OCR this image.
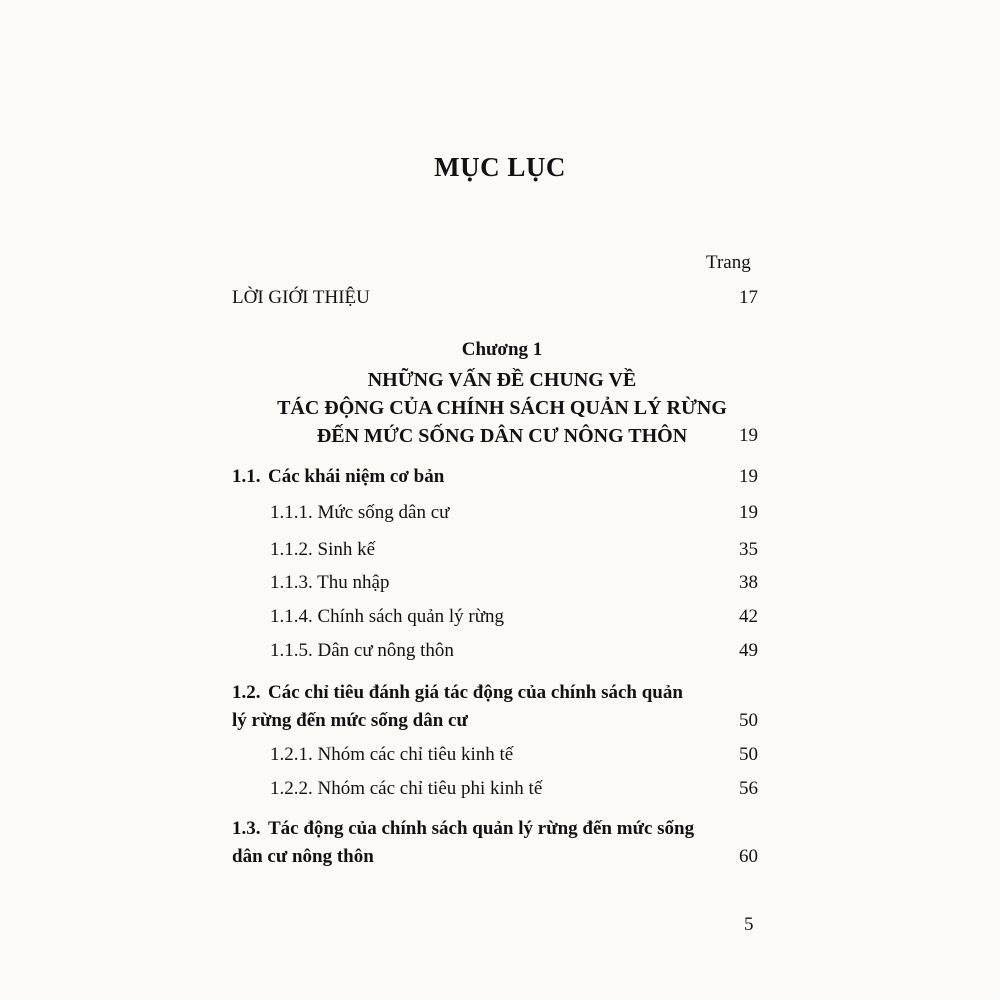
MỤC LỤC
Trang
LỜI GIỚI THIỆU	17
Chương 1
NHỮNG VẤN ĐỀ CHUNG VỀ
TÁC ĐỘNG CỦA CHÍNH SÁCH QUẢN LÝ RỪNG
ĐẾN MỨC SỐNG DÂN CƯ NÔNG THÔN	19
1.1. Các khái niệm cơ bản	19
1.1.1. Mức sống dân cư	19
1.1.2. Sinh kế	35
1.1.3. Thu nhập	38
1.1.4. Chính sách quản lý rừng	42
1.1.5. Dân cư nông thôn	49
1.2. Các chỉ tiêu đánh giá tác động của chính sách quản
lý rừng đến mức sống dân cư	50
1.2.1. Nhóm các chỉ tiêu kinh tế	50
1.2.2. Nhóm các chỉ tiêu phi kinh tế	56
1.3. Tác động của chính sách quản lý rừng đến mức sống
dân cư nông thôn	60
5
